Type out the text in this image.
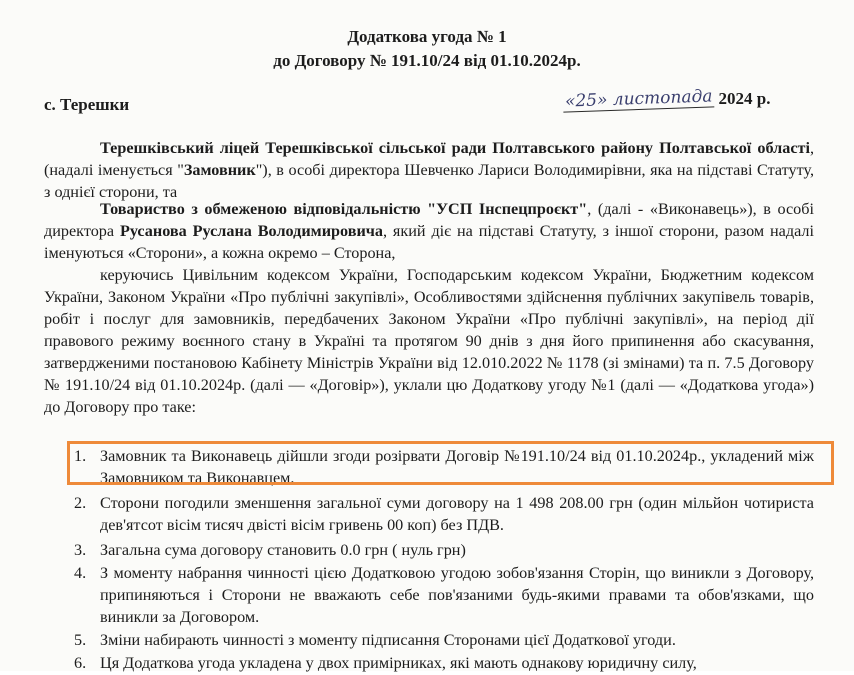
Додаткова угода № 1
до Договору № 191.10/24 від 01.10.2024р.
с. Терешки	«25» листопада 2024 р.
Терешківський ліцей Терешківської сільської ради Полтавського району Полтавської області, (надалі іменується "Замовник"), в особі директора Шевченко Лариси Володимирівни, яка на підставі Статуту, з однієї сторони, та
Товариство з обмеженою відповідальністю "УСП Інспецпроєкт", (далі - «Виконавець»), в особі директора Русанова Руслана Володимировича, який діє на підставі Статуту, з іншої сторони, разом надалі іменуються «Сторони», а кожна окремо – Сторона,
керуючись Цивільним кодексом України, Господарським кодексом України, Бюджетним кодексом України, Законом України «Про публічні закупівлі», Особливостями здійснення публічних закупівель товарів, робіт і послуг для замовників, передбачених Законом України «Про публічні закупівлі», на період дії правового режиму воєнного стану в Україні та протягом 90 днів з дня його припинення або скасування, затвердженими постановою Кабінету Міністрів України від 12.010.2022 № 1178 (зі змінами) та п. 7.5 Договору № 191.10/24 від 01.10.2024р. (далі — «Договір»), уклали цю Додаткову угоду №1 (далі — «Додаткова угода») до Договору про таке:
1. Замовник та Виконавець дійшли згоди розірвати Договір №191.10/24 від 01.10.2024р., укладений між Замовником та Виконавцем.
2. Сторони погодили зменшення загальної суми договору на 1 498 208.00 грн (один мільйон чотириста дев'ятсот вісім тисяч двісті вісім гривень 00 коп) без ПДВ.
3. Загальна сума договору становить 0.0 грн ( нуль грн)
4. З моменту набрання чинності цією Додатковою угодою зобов'язання Сторін, що виникли з Договору, припиняються і Сторони не вважають себе пов'язаними будь-якими правами та обов'язками, що виникли за Договором.
5. Зміни набирають чинності з моменту підписання Сторонами цієї Додаткової угоди.
6. Ця Додаткова угода укладена у двох примірниках, які мають однакову юридичну силу,
